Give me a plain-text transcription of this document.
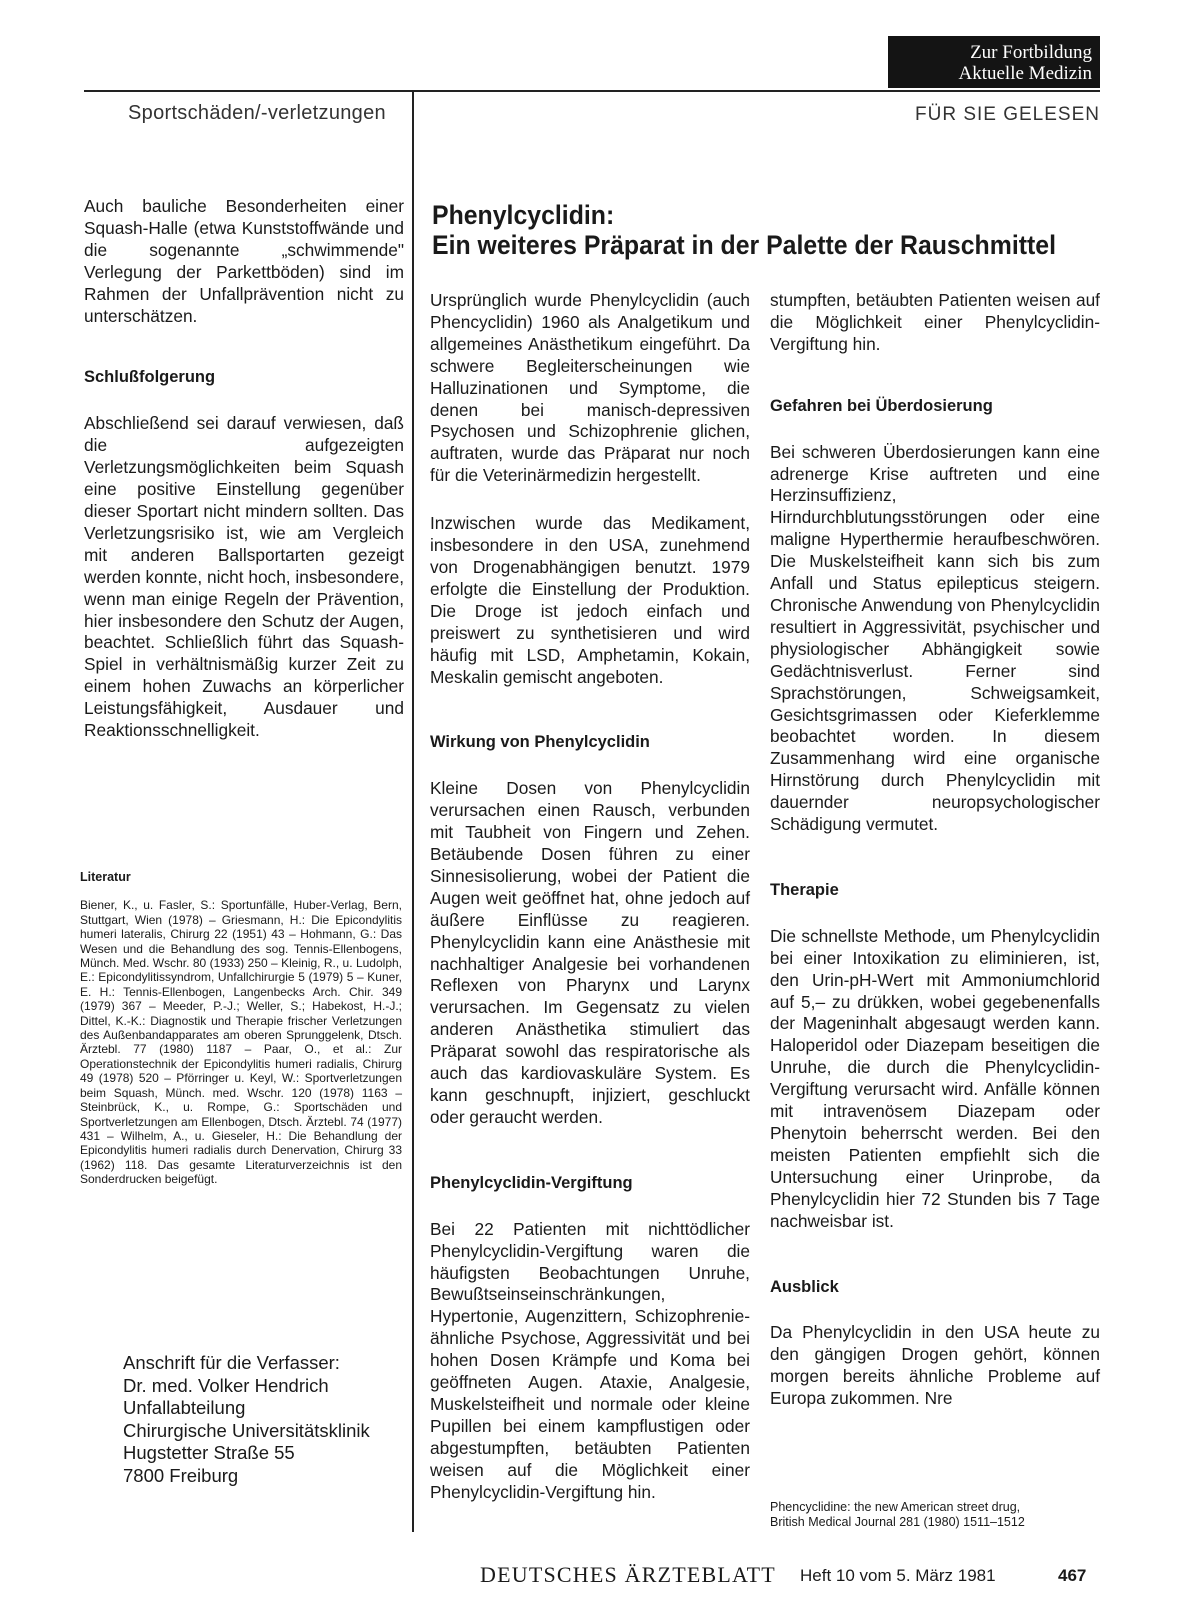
Zur Fortbildung
Aktuelle Medizin
Sportschäden/-verletzungen	FÜR SIE GELESEN

Auch bauliche Besonderheiten einer Squash-Halle (etwa Kunststoffwände und die sogenannte „schwimmende" Verlegung der Parkettböden) sind im Rahmen der Unfallprävention nicht zu unterschätzen.

Schlußfolgerung

Abschließend sei darauf verwiesen, daß die aufgezeigten Verletzungsmöglichkeiten beim Squash eine positive Einstellung gegenüber dieser Sportart nicht mindern sollten. Das Verletzungsrisiko ist, wie am Vergleich mit anderen Ballsportarten gezeigt werden konnte, nicht hoch, insbesondere, wenn man einige Regeln der Prävention, hier insbesondere den Schutz der Augen, beachtet. Schließlich führt das Squash-Spiel in verhältnismäßig kurzer Zeit zu einem hohen Zuwachs an körperlicher Leistungsfähigkeit, Ausdauer und Reaktionsschnelligkeit.

Literatur
Biener, K., u. Fasler, S.: Sportunfälle, Huber-Verlag, Bern, Stuttgart, Wien (1978) – Griesmann, H.: Die Epicondylitis humeri lateralis, Chirurg 22 (1951) 43 – Hohmann, G.: Das Wesen und die Behandlung des sog. Tennis-Ellenbogens, Münch. Med. Wschr. 80 (1933) 250 – Kleinig, R., u. Ludolph, E.: Epicondylitissyndrom, Unfallchirurgie 5 (1979) 5 – Kuner, E. H.: Tennis-Ellenbogen, Langenbecks Arch. Chir. 349 (1979) 367 – Meeder, P.-J.; Weller, S.; Habekost, H.-J.; Dittel, K.-K.: Diagnostik und Therapie frischer Verletzungen des Außenbandapparates am oberen Sprunggelenk, Dtsch. Ärztebl. 77 (1980) 1187 – Paar, O., et al.: Zur Operationstechnik der Epicondylitis humeri radialis, Chirurg 49 (1978) 520 – Pförringer u. Keyl, W.: Sportverletzungen beim Squash, Münch. med. Wschr. 120 (1978) 1163 – Steinbrück, K., u. Rompe, G.: Sportschäden und Sportverletzungen am Ellenbogen, Dtsch. Ärztebl. 74 (1977) 431 – Wilhelm, A., u. Gieseler, H.: Die Behandlung der Epicondylitis humeri radialis durch Denervation, Chirurg 33 (1962) 118. Das gesamte Literaturverzeichnis ist den Sonderdrucken beigefügt.
Anschrift für die Verfasser:
Dr. med. Volker Hendrich
Unfallabteilung
Chirurgische Universitätsklinik
Hugstetter Straße 55
7800 Freiburg
Phenylcyclidin:
Ein weiteres Präparat in der Palette der Rauschmittel

Ursprünglich wurde Phenylcyclidin (auch Phencyclidin) 1960 als Analgetikum und allgemeines Anästhetikum eingeführt. Da schwere Begleiterscheinungen wie Halluzinationen und Symptome, die denen bei manisch-depressiven Psychosen und Schizophrenie glichen, auftraten, wurde das Präparat nur noch für die Veterinärmedizin hergestellt.

Inzwischen wurde das Medikament, insbesondere in den USA, zunehmend von Drogenabhängigen benutzt. 1979 erfolgte die Einstellung der Produktion. Die Droge ist jedoch einfach und preiswert zu synthetisieren und wird häufig mit LSD, Amphetamin, Kokain, Meskalin gemischt angeboten.

Wirkung von Phenylcyclidin

Kleine Dosen von Phenylcyclidin verursachen einen Rausch, verbunden mit Taubheit von Fingern und Zehen. Betäubende Dosen führen zu einer Sinnesisolierung, wobei der Patient die Augen weit geöffnet hat, ohne jedoch auf äußere Einflüsse zu reagieren. Phenylcyclidin kann eine Anästhesie mit nachhaltiger Analgesie bei vorhandenen Reflexen von Pharynx und Larynx verursachen. Im Gegensatz zu vielen anderen Anästhetika stimuliert das Präparat sowohl das respiratorische als auch das kardiovaskuläre System. Es kann geschnupft, injiziert, geschluckt oder geraucht werden.

Phenylcyclidin-Vergiftung

Bei 22 Patienten mit nichttödlicher Phenylcyclidin-Vergiftung waren die häufigsten Beobachtungen Unruhe, Bewußtseinseinschränkungen, Hypertonie, Augenzittern, Schizophrenie-ähnliche Psychose, Aggressivität und bei hohen Dosen Krämpfe und Koma bei geöffneten Augen. Ataxie, Analgesie, Muskelsteifheit und normale oder kleine Pupillen bei einem kampflustigen oder abgestumpften, betäubten Patienten weisen auf die Möglichkeit einer Phenylcyclidin-Vergiftung hin.

stumpften, betäubten Patienten weisen auf die Möglichkeit einer Phenylcyclidin-Vergiftung hin.

Gefahren bei Überdosierung

Bei schweren Überdosierungen kann eine adrenerge Krise auftreten und eine Herzinsuffizienz, Hirndurchblutungsstörungen oder eine maligne Hyperthermie heraufbeschwören. Die Muskelsteifheit kann sich bis zum Anfall und Status epilepticus steigern. Chronische Anwendung von Phenylcyclidin resultiert in Aggressivität, psychischer und physiologischer Abhängigkeit sowie Gedächtnisverlust. Ferner sind Sprachstörungen, Schweigsamkeit, Gesichtsgrimassen oder Kieferklemme beobachtet worden. In diesem Zusammenhang wird eine organische Hirnstörung durch Phenylcyclidin mit dauernder neuropsychologischer Schädigung vermutet.

Therapie

Die schnellste Methode, um Phenylcyclidin bei einer Intoxikation zu eliminieren, ist, den Urin-pH-Wert mit Ammoniumchlorid auf 5,– zu drükken, wobei gegebenenfalls der Mageninhalt abgesaugt werden kann. Haloperidol oder Diazepam beseitigen die Unruhe, die durch die Phenylcyclidin-Vergiftung verursacht wird. Anfälle können mit intravenösem Diazepam oder Phenytoin beherrscht werden. Bei den meisten Patienten empfiehlt sich die Untersuchung einer Urinprobe, da Phenylcyclidin hier 72 Stunden bis 7 Tage nachweisbar ist.

Ausblick

Da Phenylcyclidin in den USA heute zu den gängigen Drogen gehört, können morgen bereits ähnliche Probleme auf Europa zukommen. Nre

Phencyclidine: the new American street drug,
British Medical Journal 281 (1980) 1511–1512
DEUTSCHES ÄRZTEBLATT Heft 10 vom 5. März 1981	467
